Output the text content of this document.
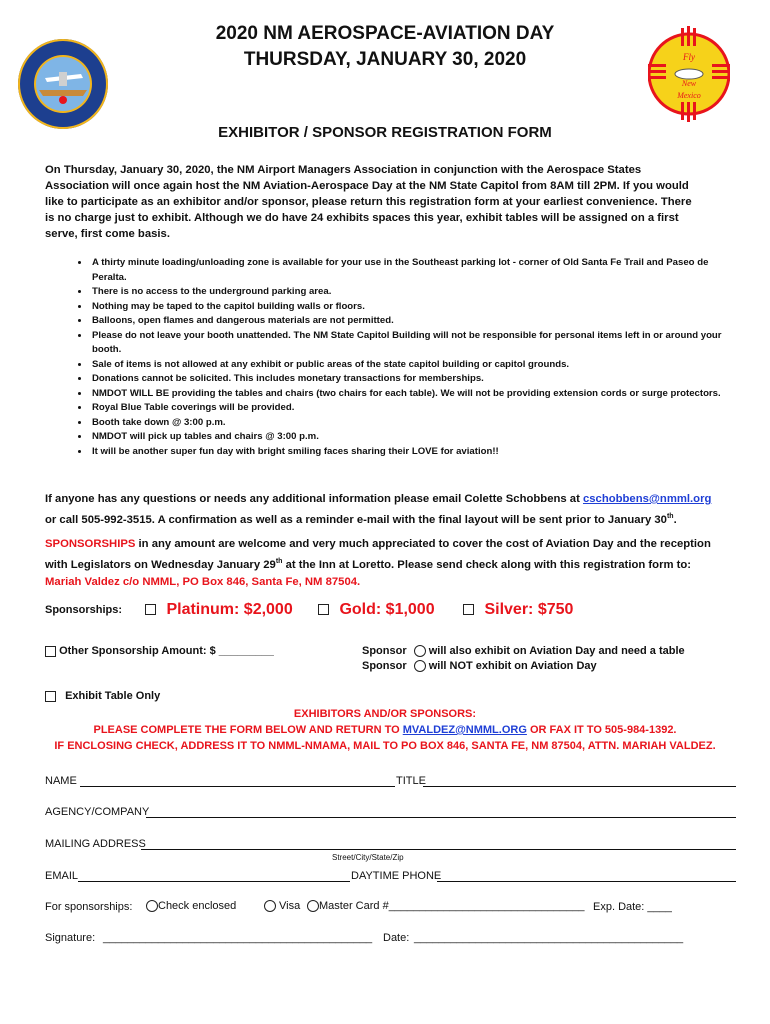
Fly
New
Mexico
2020 NM AEROSPACE-AVIATION DAY
THURSDAY, JANUARY 30, 2020
EXHIBITOR / SPONSOR REGISTRATION FORM
On Thursday, January 30, 2020, the NM Airport Managers Association in conjunction with the Aerospace States Association will once again host the NM Aviation-Aerospace Day at the NM State Capitol from 8AM till 2PM. If you would like to participate as an exhibitor and/or sponsor, please return this registration form at your earliest convenience. There is no charge just to exhibit. Although we do have 24 exhibits spaces this year, exhibit tables will be assigned on a first serve, first come basis.
• A thirty minute loading/unloading zone is available for your use in the Southeast parking lot - corner of Old Santa Fe Trail and Paseo de Peralta.
• There is no access to the underground parking area.
• Nothing may be taped to the capitol building walls or floors.
• Balloons, open flames and dangerous materials are not permitted.
• Please do not leave your booth unattended. The NM State Capitol Building will not be responsible for personal items left in or around your booth.
• Sale of items is not allowed at any exhibit or public areas of the state capitol building or capitol grounds.
• Donations cannot be solicited. This includes monetary transactions for memberships.
• NMDOT WILL BE providing the tables and chairs (two chairs for each table). We will not be providing extension cords or surge protectors.
• Royal Blue Table coverings will be provided.
• Booth take down @ 3:00 p.m.
• NMDOT will pick up tables and chairs @ 3:00 p.m.
• It will be another super fun day with bright smiling faces sharing their LOVE for aviation!!
If anyone has any questions or needs any additional information please email Colette Schobbens at cschobbens@nmml.org or call 505-992-3515. A confirmation as well as a reminder e-mail with the final layout will be sent prior to January 30th.
SPONSORSHIPS in any amount are welcome and very much appreciated to cover the cost of Aviation Day and the reception with Legislators on Wednesday January 29th at the Inn at Loretto. Please send check along with this registration form to:
Mariah Valdez c/o NMML, PO Box 846, Santa Fe, NM 87504.
Sponsorships:	Platinum: $2,000	Gold: $1,000	Silver: $750
Other Sponsorship Amount: $ _________	Sponsor will also exhibit on Aviation Day and need a table
Sponsor will NOT exhibit on Aviation Day
Exhibit Table Only
EXHIBITORS AND/OR SPONSORS:
PLEASE COMPLETE THE FORM BELOW AND RETURN TO MVALDEZ@NMML.ORG OR FAX IT TO 505-984-1392.
IF ENCLOSING CHECK, ADDRESS IT TO NMML-NMAMA, MAIL TO PO BOX 846, SANTA FE, NM 87504, ATTN. MARIAH VALDEZ.
NAME	TITLE
AGENCY/COMPANY
MAILING ADDRESS
Street/City/State/Zip
EMAIL	DAYTIME PHONE
For sponsorships:	Check enclosed	Visa	Master Card #________________________________ Exp. Date: ____
Signature: ____________________________________________ Date: ____________________________________________
